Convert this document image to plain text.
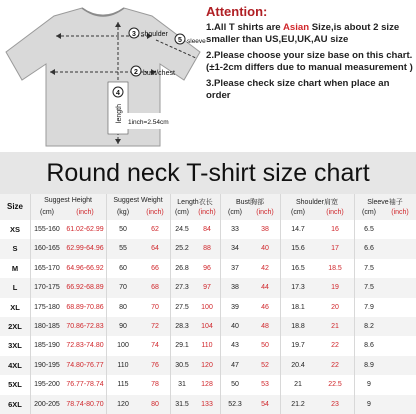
3 shoulder
5 sleeve
2 bust/chest
4
length 1inch=2.54cm
Attention:
1.All T shirts are Asian Size,is about 2 size smaller than US,EU,UK,AU size
2.Please choose your size base on this chart.(±1-2cm differs due to manual measurement )
3.Please check size chart when place an order
Round neck T-shirt size chart
Size
Suggest Height
(cm)	(inch)
Suggest Weight
(kg)	(inch)
Length衣长
(cm)	(inch)
Bust胸部
(cm)	(inch)
Shoulder肩宽
(cm)	(inch)
Sleeve袖子
(cm)	(inch)
XS	155-160 61.02-62.99	50	62	24.5	84	33	38	14.7	16	6.5
S	160-165 62.99-64.96	55	64	25.2	88	34	40	15.6	17	6.6
M	165-170 64.96-66.92	60	66	26.8	96	37	42	16.5	18.5	7.5
L	170-175 66.92-68.89	70	68	27.3	97	38	44	17.3	19	7.5
XL	175-180 68.89-70.86	80	70	27.5	100	39	46	18.1	20	7.9
2XL	180-185 70.86-72.83	90	72	28.3	104	40	48	18.8	21	8.2
3XL	185-190 72.83-74.80	100	74	29.1	110	43	50	19.7	22	8.6
4XL	190-195 74.80-76.77	110	76	30.5	120	47	52	20.4	22	8.9
5XL	195-200 76.77-78.74	115	78	31	128	50	53	21	22.5	9
6XL	200-205 78.74-80.70	120	80	31.5	133	52.3	54	21.2	23	9
